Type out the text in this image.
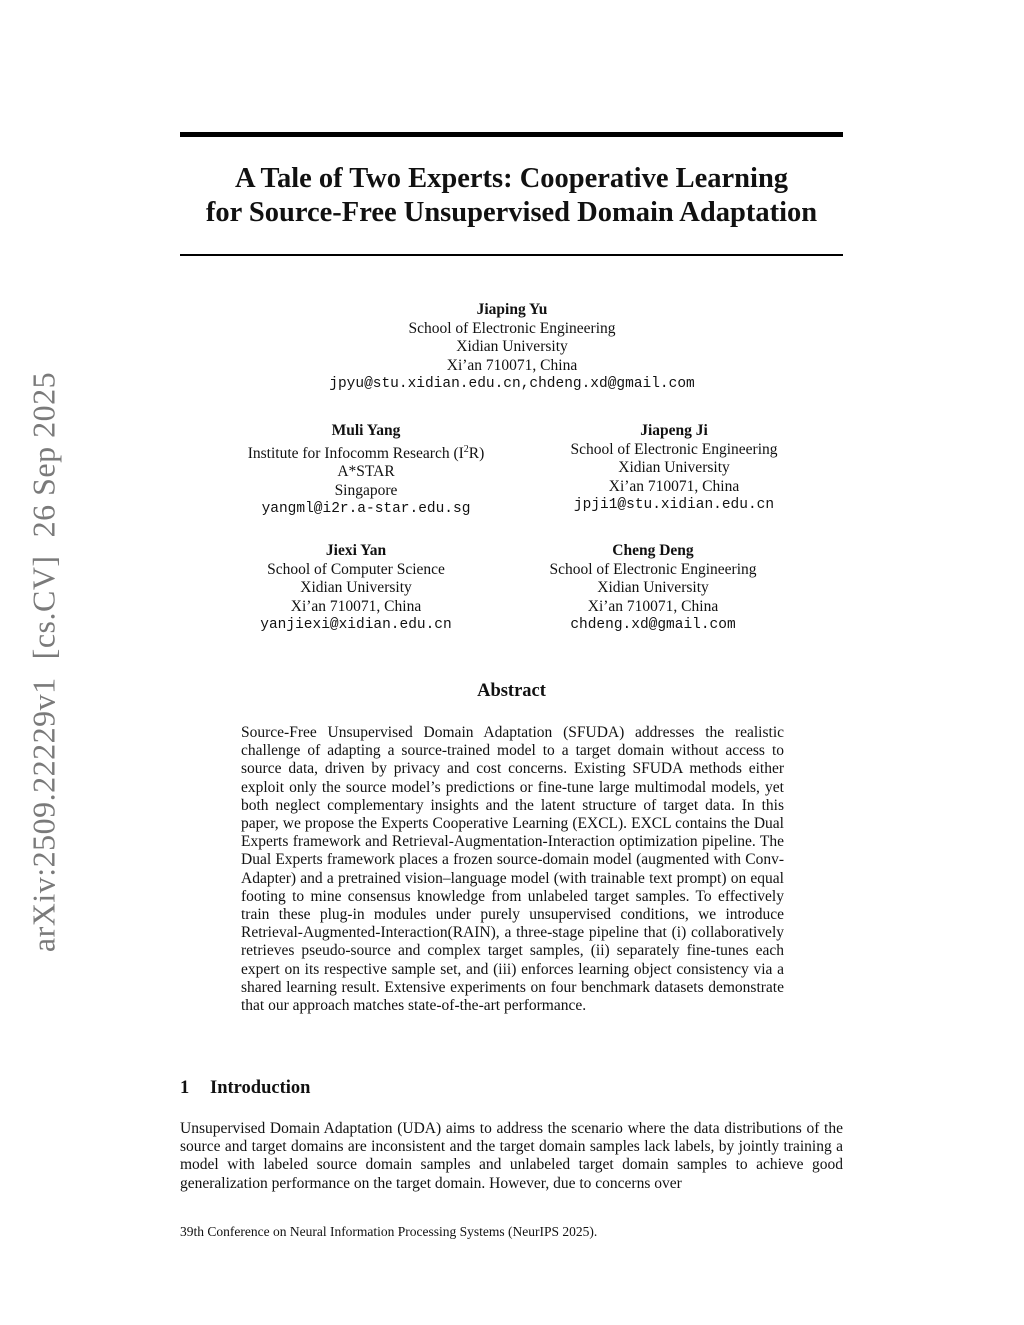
arXiv:2509.22229v1[cs.CV]26 Sep 2025
A Tale of Two Experts: Cooperative Learning
for Source-Free Unsupervised Domain Adaptation
Jiaping Yu
School of Electronic Engineering
Xidian University
Xi’an 710071, China
jpyu@stu.xidian.edu.cn,chdeng.xd@gmail.com
Muli Yang
Institute for Infocomm Research $(I^2R)$
A*STAR
Singapore
yangml@i2r.a-star.edu.sg
Jiapeng Ji
School of Electronic Engineering
Xidian University
Xi’an 710071, China
jpji1@stu.xidian.edu.cn
Jiexi Yan
School of Computer Science
Xidian University
Xi’an 710071, China
yanjiexi@xidian.edu.cn
Cheng Deng
School of Electronic Engineering
Xidian University
Xi’an 710071, China
chdeng.xd@gmail.com
Abstract
Source-Free Unsupervised Domain Adaptation (SFUDA) addresses the realistic challenge of adapting a source-trained model to a target domain without access to source data, driven by privacy and cost concerns. Existing SFUDA methods either exploit only the source model’s predictions or fine-tune large multimodal models, yet both neglect complementary insights and the latent structure of target data. In this paper, we propose the Experts Cooperative Learning (EXCL). EXCL contains the Dual Experts framework and Retrieval-Augmentation-Interaction optimization pipeline. The Dual Experts framework places a frozen source-domain model (augmented with Conv-Adapter) and a pretrained vision–language model (with trainable text prompt) on equal footing to mine consensus knowledge from unlabeled target samples. To effectively train these plug-in modules under purely unsupervised conditions, we introduce Retrieval-Augmented-Interaction(RAIN), a three-stage pipeline that (i) collaboratively retrieves pseudo-source and complex target samples, (ii) separately fine-tunes each expert on its respective sample set, and (iii) enforces learning object consistency via a shared learning result. Extensive experiments on four benchmark datasets demonstrate that our approach matches state-of-the-art performance.
1 Introduction
Unsupervised Domain Adaptation (UDA) aims to address the scenario where the data distributions of the source and target domains are inconsistent and the target domain samples lack labels, by jointly training a model with labeled source domain samples and unlabeled target domain samples to achieve good generalization performance on the target domain. However, due to concerns over
39th Conference on Neural Information Processing Systems (NeurIPS 2025).
